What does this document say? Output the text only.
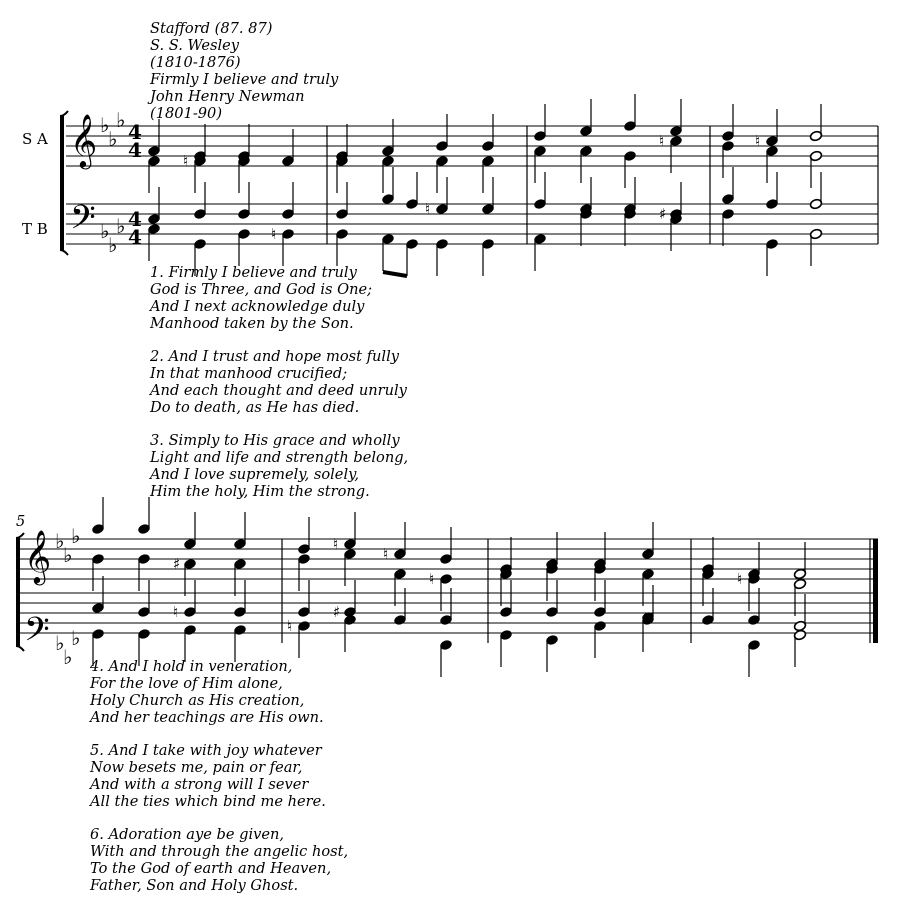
Stafford (87. 87)
S. S. Wesley
(1810-1876)
Firmly I believe and truly
John Henry Newman
(1801-90)
S A
T B
𝄞
𝄢
♭
♭
♭
♭
♭
♭
4
4
4
4
♮
♮	♮
♮
♮	♯
1. Firmly I believe and truly
God is Three, and God is One;
And I next acknowledge duly
Manhood taken by the Son.
2. And I trust and hope most fully
In that manhood crucified;
And each thought and deed unruly
Do to death, as He has died.
3. Simply to His grace and wholly
Light and life and strength belong,
And I love supremely, solely,
Him the holy, Him the strong.
5
𝄞
𝄢
♭
♭
♭
♭
♭
♭
♯
♮
♮
♮	♮
♮
♮
♯
4. And I hold in veneration,
For the love of Him alone,
Holy Church as His creation,
And her teachings are His own.
5. And I take with joy whatever
Now besets me, pain or fear,
And with a strong will I sever
All the ties which bind me here.
6. Adoration aye be given,
With and through the angelic host,
To the God of earth and Heaven,
Father, Son and Holy Ghost.
